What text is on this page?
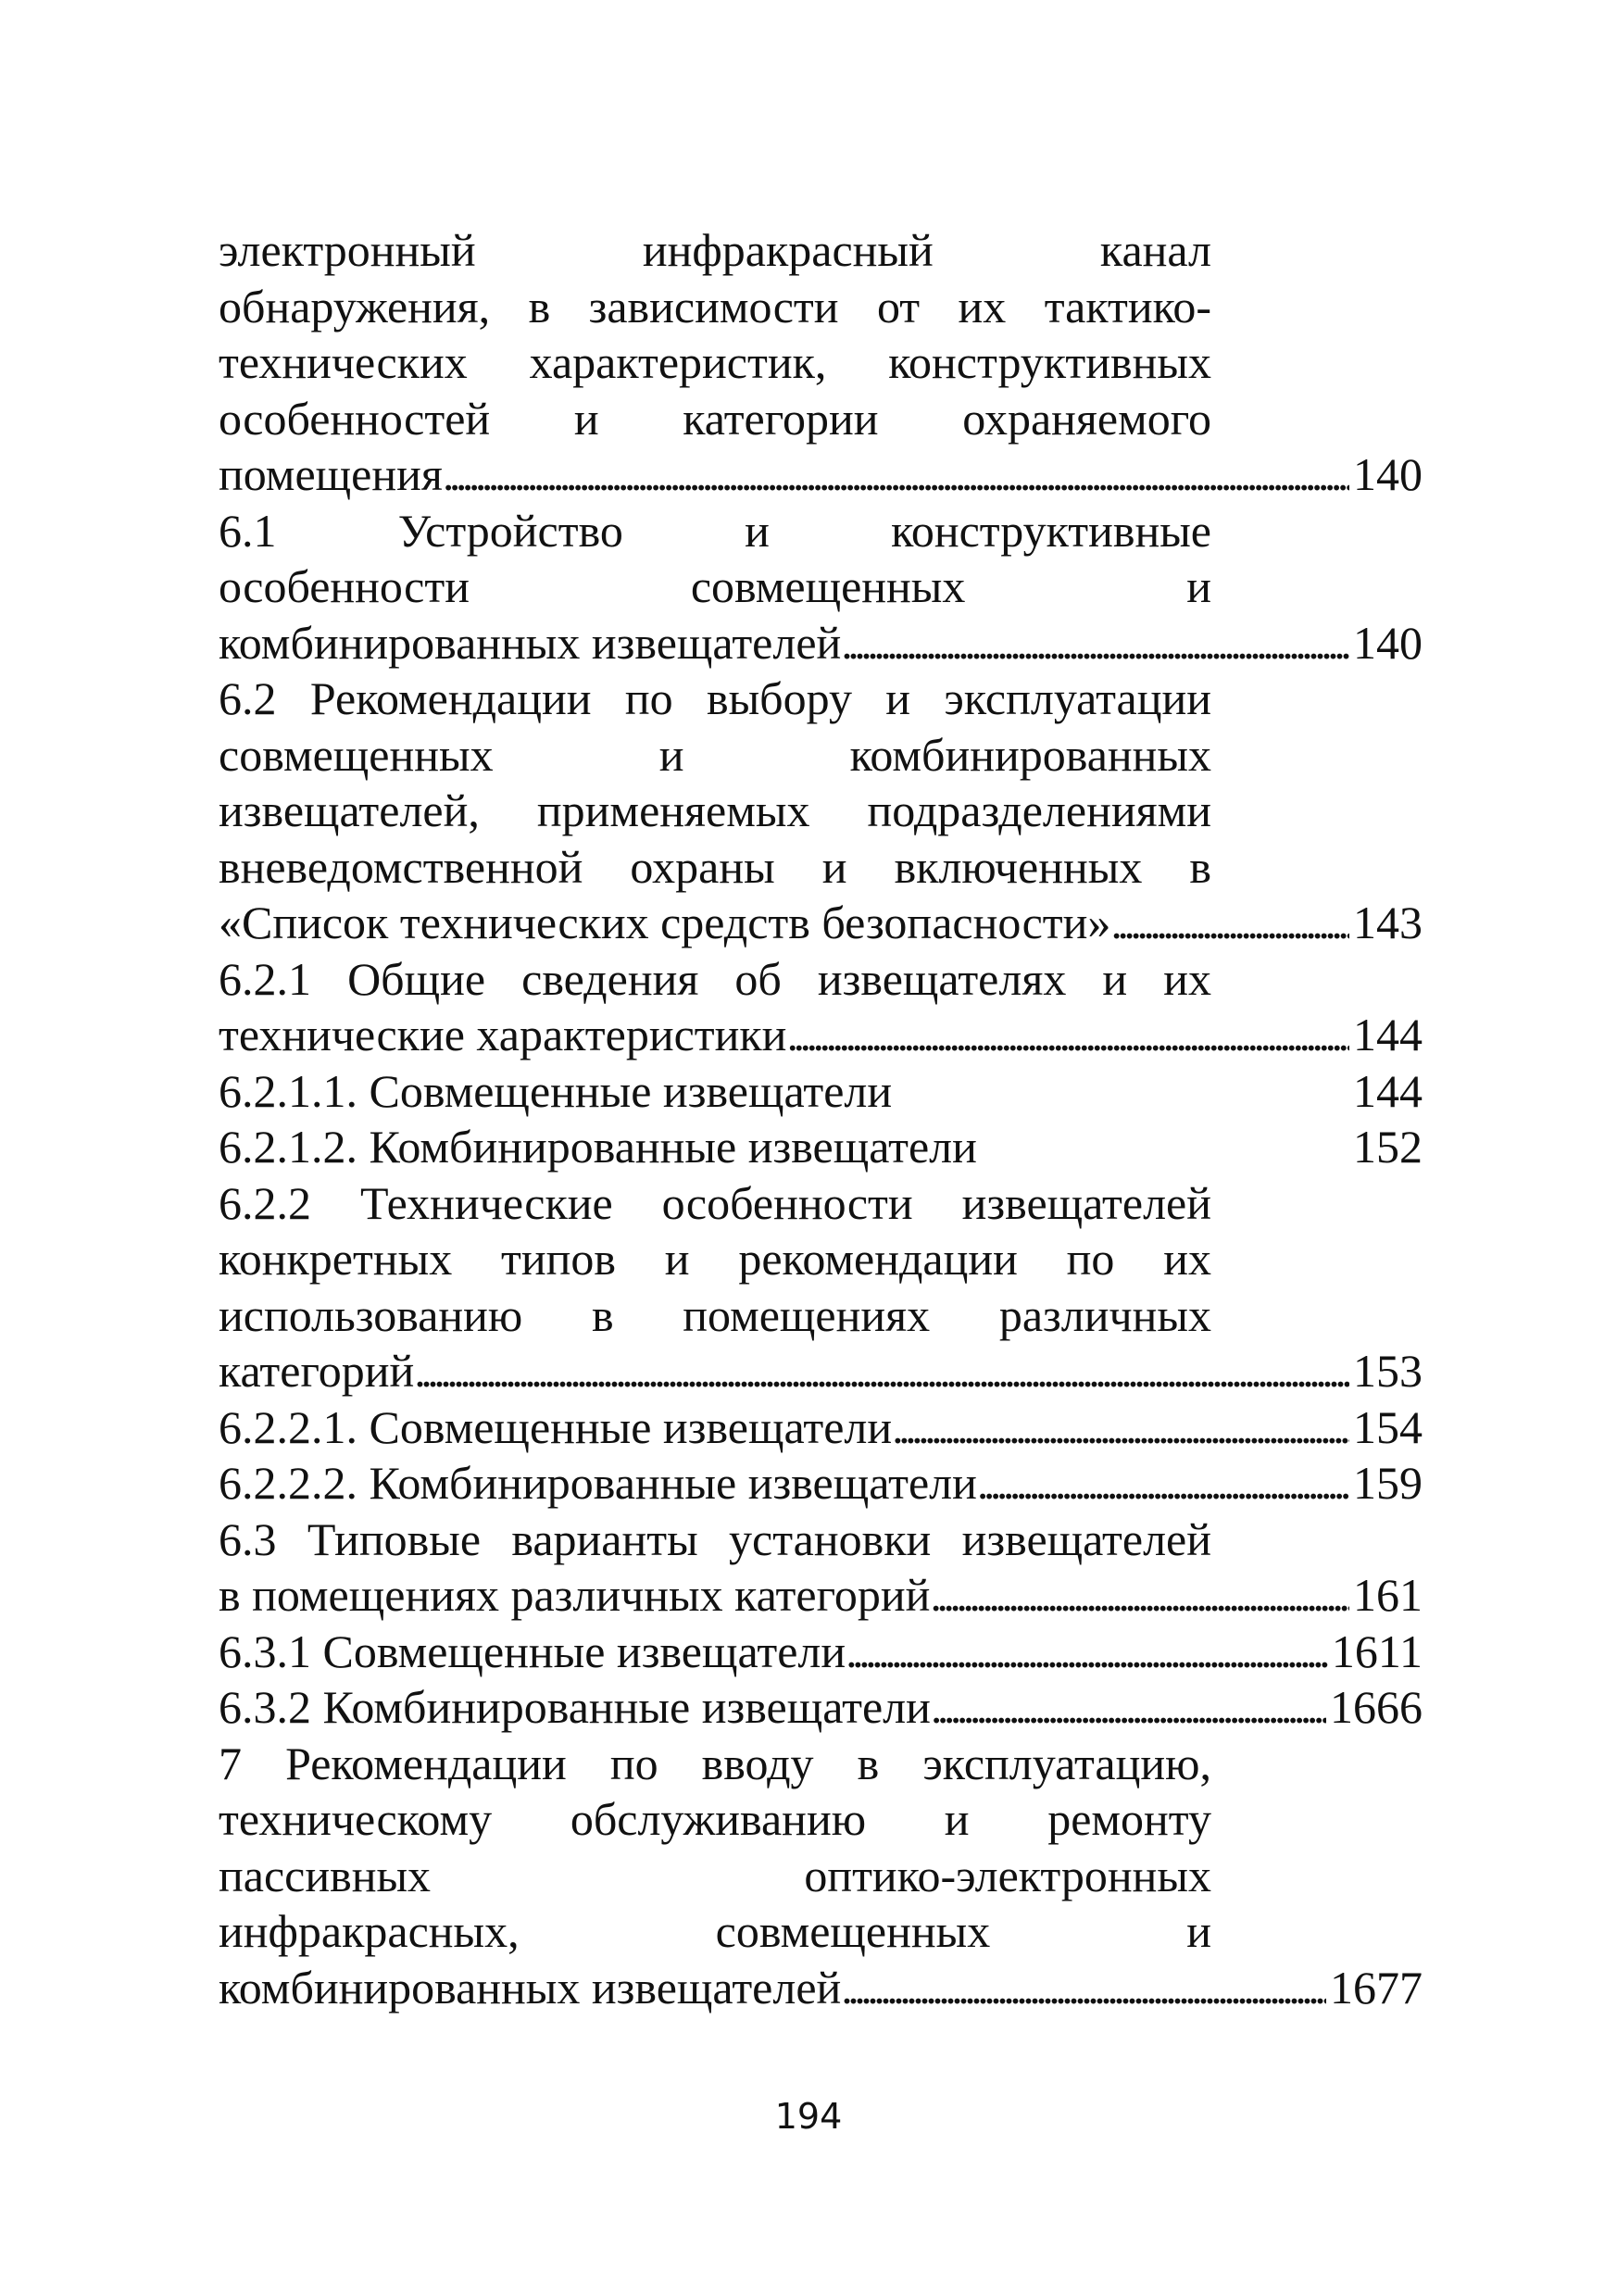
электронный инфракрасный канал
обнаружения, в зависимости от их тактико-
технических характеристик, конструктивных
особенностей и категории охраняемого
помещения . . .	140
6.1 Устройство и конструктивные
особенности совмещенных и
комбинированных извещателей . . .	140
6.2 Рекомендации по выбору и эксплуатации
совмещенных и комбинированных
извещателей, применяемых подразделениями
вневедомственной охраны и включенных в
«Список технических средств безопасности» . . .	143
6.2.1 Общие сведения об извещателях и их
технические характеристики . . .	144
6.2.1.1. Совмещенные извещатели	144
6.2.1.2. Комбинированные извещатели	152
6.2.2 Технические особенности извещателей
конкретных типов и рекомендации по их
использованию в помещениях различных
категорий . . .	153
6.2.2.1. Совмещенные извещатели . . .	154
6.2.2.2. Комбинированные извещатели . . .	159
6.3 Типовые варианты установки извещателей
в помещениях различных категорий . . .	161
6.3.1 Совмещенные извещатели . . .	1611
6.3.2 Комбинированные извещатели . . .	1666
7 Рекомендации по вводу в эксплуатацию,
техническому обслуживанию и ремонту
пассивных оптико-электронных
инфракрасных, совмещенных и
комбинированных извещателей . . .	1677
194
